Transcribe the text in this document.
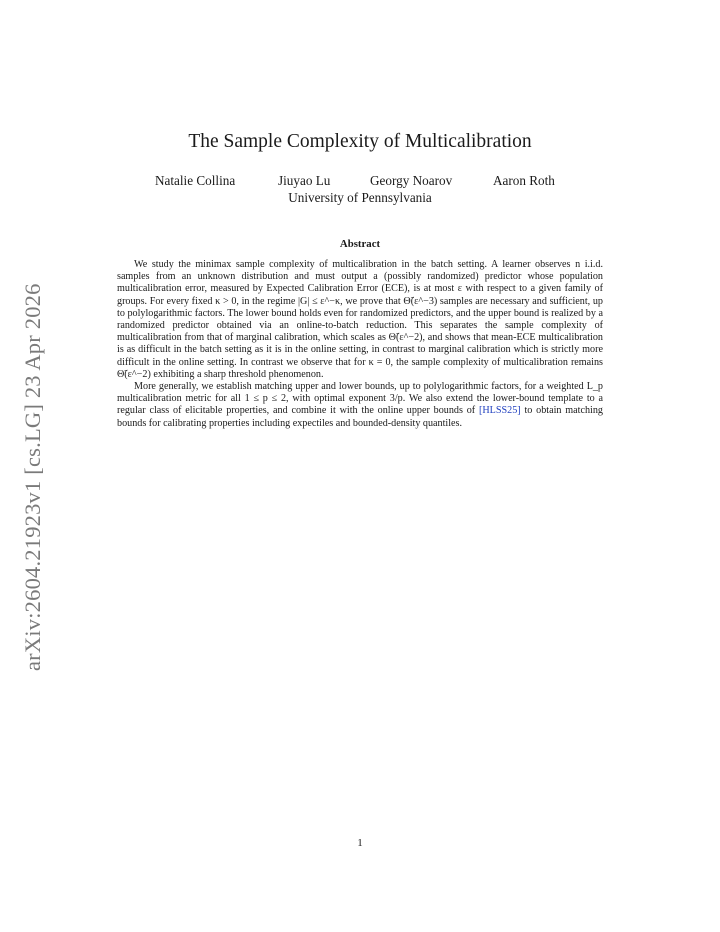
arXiv:2604.21923v1 [cs.LG] 23 Apr 2026
The Sample Complexity of Multicalibration
Natalie Collina	Jiuyao Lu	Georgy Noarov	Aaron Roth
University of Pennsylvania
Abstract

We study the minimax sample complexity of multicalibration in the batch setting. A learner observes n i.i.d. samples from an unknown distribution and must output a (possibly randomized) predictor whose population multicalibration error, measured by Expected Calibration Error (ECE), is at most ε with respect to a given family of groups. For every fixed κ > 0, in the regime |G| ≤ ε^−κ, we prove that Θ̃(ε^−3) samples are necessary and sufficient, up to polylogarithmic factors. The lower bound holds even for randomized predictors, and the upper bound is realized by a randomized predictor obtained via an online-to-batch reduction. This separates the sample complexity of multicalibration from that of marginal calibration, which scales as Θ̃(ε^−2), and shows that mean-ECE multicalibration is as difficult in the batch setting as it is in the online setting, in contrast to marginal calibration which is strictly more difficult in the online setting. In contrast we observe that for κ = 0, the sample complexity of multicalibration remains Θ̃(ε^−2) exhibiting a sharp threshold phenomenon.

More generally, we establish matching upper and lower bounds, up to polylogarithmic factors, for a weighted L_p multicalibration metric for all 1 ≤ p ≤ 2, with optimal exponent 3/p. We also extend the lower-bound template to a regular class of elicitable properties, and combine it with the online upper bounds of [HLSS25] to obtain matching bounds for calibrating properties including expectiles and bounded-density quantiles.

1
